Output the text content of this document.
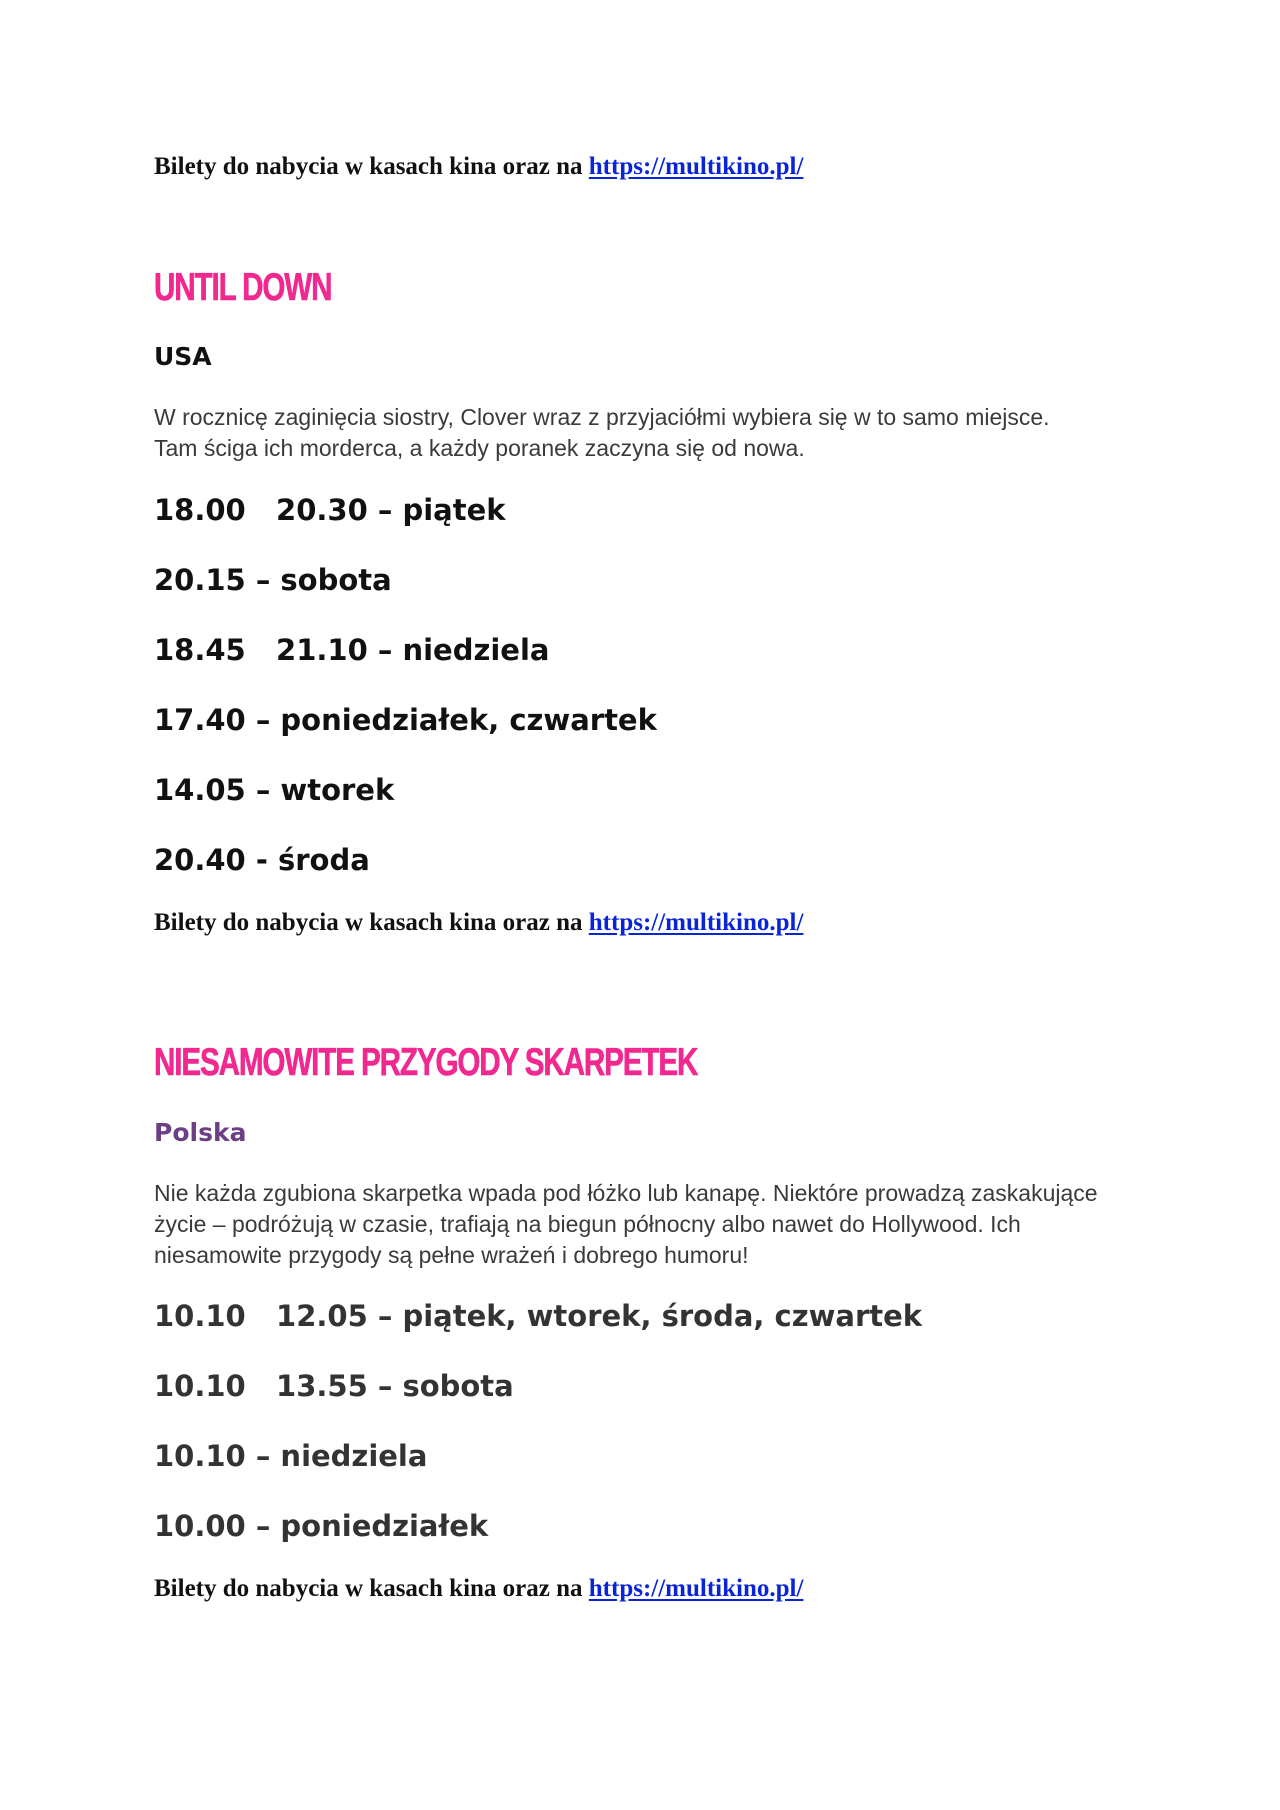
Bilety do nabycia w kasach kina oraz na https://multikino.pl/
UNTIL DOWN
USA

W rocznicę zaginięcia siostry, Clover wraz z przyjaciółmi wybiera się w to samo miejsce.

Tam ściga ich morderca, a każdy poranek zaczyna się od nowa.

18.00   20.30 – piątek
20.15 – sobota
18.45   21.10 – niedziela
17.40 – poniedziałek, czwartek
14.05 – wtorek
20.40 - środa
Bilety do nabycia w kasach kina oraz na https://multikino.pl/
NIESAMOWITE PRZYGODY SKARPETEK
Polska

Nie każda zgubiona skarpetka wpada pod łóżko lub kanapę. Niektóre prowadzą zaskakujące

życie – podróżują w czasie, trafiają na biegun północny albo nawet do Hollywood. Ich

niesamowite przygody są pełne wrażeń i dobrego humoru!

10.10   12.05 – piątek, wtorek, środa, czwartek
10.10   13.55 – sobota
10.10 – niedziela
10.00 – poniedziałek
Bilety do nabycia w kasach kina oraz na https://multikino.pl/
